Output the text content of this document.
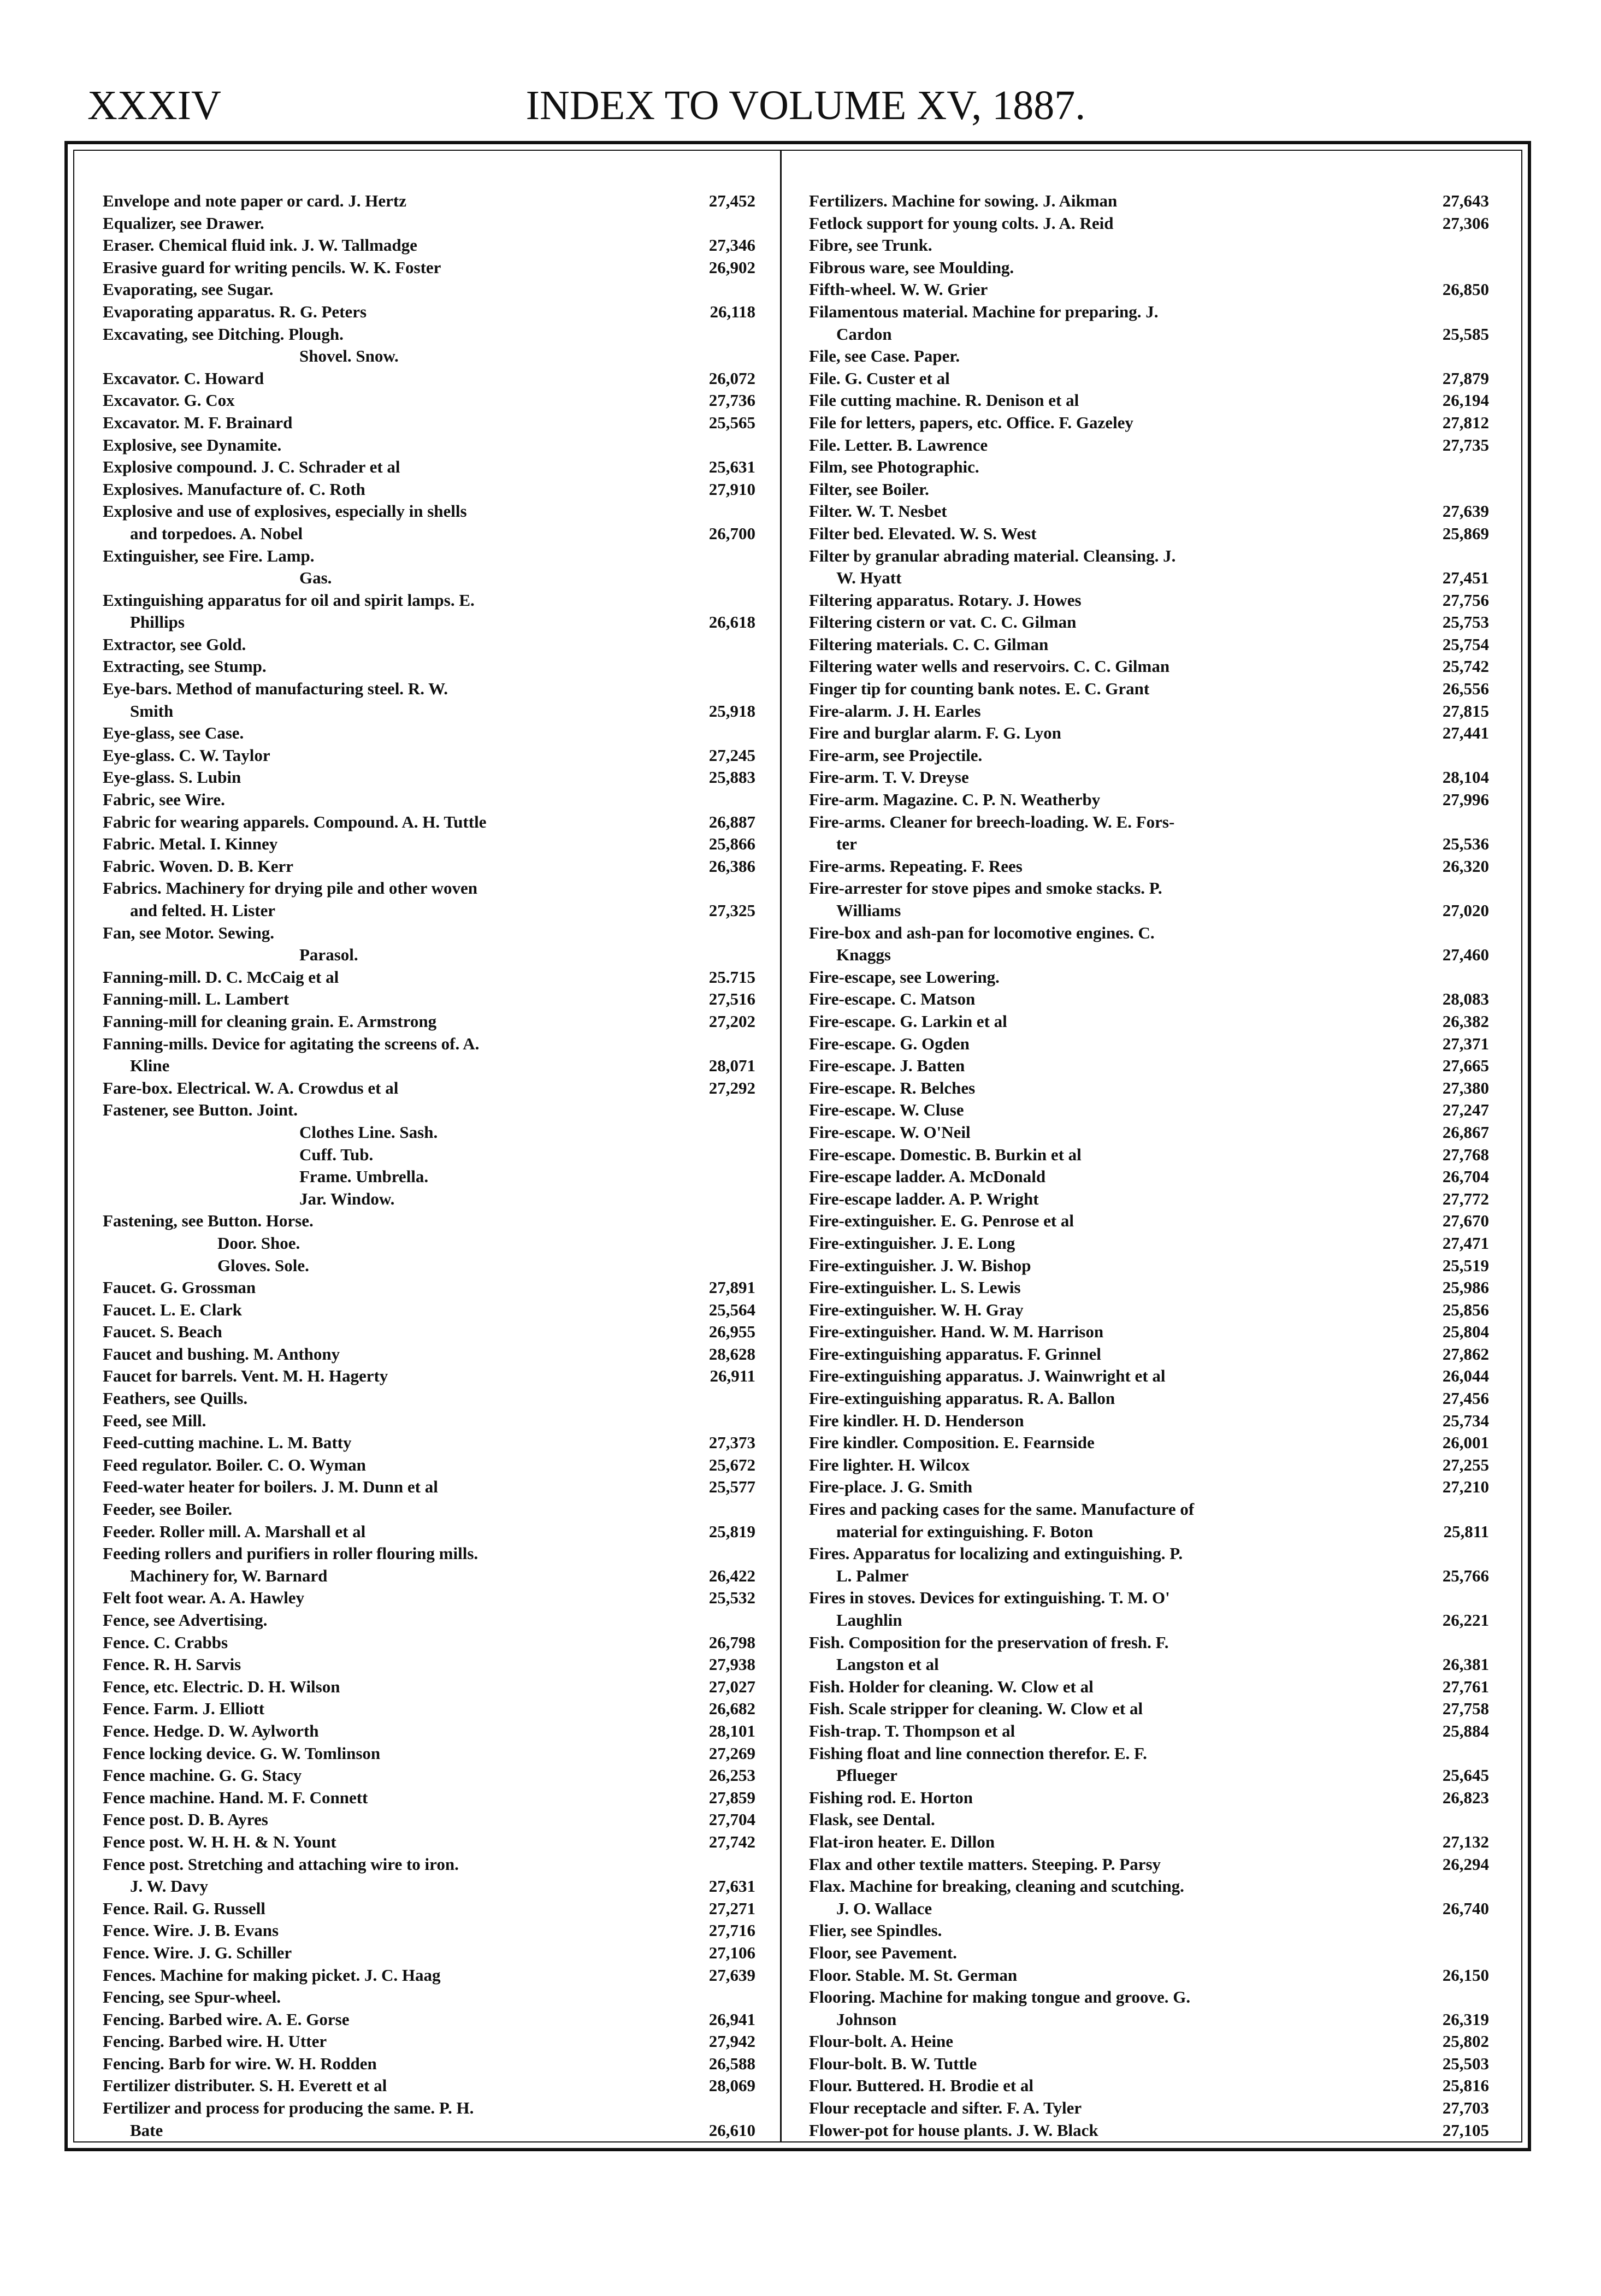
XXXIV	INDEX TO VOLUME XV, 1887.
Envelope and note paper or card. J. Hertz	27,452
Equalizer, see Drawer.
Eraser. Chemical fluid ink. J. W. Tallmadge	27,346
Erasive guard for writing pencils. W. K. Foster	26,902
Evaporating, see Sugar.
Evaporating apparatus. R. G. Peters	26,118
Excavating, see Ditching. Plough.
Shovel. Snow.
Excavator. C. Howard	26,072
Excavator. G. Cox	27,736
Excavator. M. F. Brainard	25,565
Explosive, see Dynamite.
Explosive compound. J. C. Schrader et al	25,631
Explosives. Manufacture of. C. Roth	27,910
Explosive and use of explosives, especially in shells
and torpedoes. A. Nobel	26,700
Extinguisher, see Fire. Lamp.
Gas.
Extinguishing apparatus for oil and spirit lamps. E.
Phillips	26,618
Extractor, see Gold.
Extracting, see Stump.
Eye-bars. Method of manufacturing steel. R. W.
Smith	25,918
Eye-glass, see Case.
Eye-glass. C. W. Taylor	27,245
Eye-glass. S. Lubin	25,883
Fabric, see Wire.
Fabric for wearing apparels. Compound. A. H. Tuttle	26,887
Fabric. Metal. I. Kinney	25,866
Fabric. Woven. D. B. Kerr	26,386
Fabrics. Machinery for drying pile and other woven
and felted. H. Lister	27,325
Fan, see Motor. Sewing.
Parasol.
Fanning-mill. D. C. McCaig et al	25.715
Fanning-mill. L. Lambert	27,516
Fanning-mill for cleaning grain. E. Armstrong	27,202
Fanning-mills. Device for agitating the screens of. A.
Kline	28,071
Fare-box. Electrical. W. A. Crowdus et al	27,292
Fastener, see Button. Joint.
Clothes Line. Sash.
Cuff. Tub.
Frame. Umbrella.
Jar. Window.
Fastening, see Button. Horse.
Door. Shoe.
Gloves. Sole.
Faucet. G. Grossman	27,891
Faucet. L. E. Clark	25,564
Faucet. S. Beach	26,955
Faucet and bushing. M. Anthony	28,628
Faucet for barrels. Vent. M. H. Hagerty	26,911
Feathers, see Quills.
Feed, see Mill.
Feed-cutting machine. L. M. Batty	27,373
Feed regulator. Boiler. C. O. Wyman	25,672
Feed-water heater for boilers. J. M. Dunn et al	25,577
Feeder, see Boiler.
Feeder. Roller mill. A. Marshall et al	25,819
Feeding rollers and purifiers in roller flouring mills.
Machinery for, W. Barnard	26,422
Felt foot wear. A. A. Hawley	25,532
Fence, see Advertising.
Fence. C. Crabbs	26,798
Fence. R. H. Sarvis	27,938
Fence, etc. Electric. D. H. Wilson	27,027
Fence. Farm. J. Elliott	26,682
Fence. Hedge. D. W. Aylworth	28,101
Fence locking device. G. W. Tomlinson	27,269
Fence machine. G. G. Stacy	26,253
Fence machine. Hand. M. F. Connett	27,859
Fence post. D. B. Ayres	27,704
Fence post. W. H. H. & N. Yount	27,742
Fence post. Stretching and attaching wire to iron.
J. W. Davy	27,631
Fence. Rail. G. Russell	27,271
Fence. Wire. J. B. Evans	27,716
Fence. Wire. J. G. Schiller	27,106
Fences. Machine for making picket. J. C. Haag	27,639
Fencing, see Spur-wheel.
Fencing. Barbed wire. A. E. Gorse	26,941
Fencing. Barbed wire. H. Utter	27,942
Fencing. Barb for wire. W. H. Rodden	26,588
Fertilizer distributer. S. H. Everett et al	28,069
Fertilizer and process for producing the same. P. H.
Bate	26,610
Fertilizers. Machine for sowing. J. Aikman	27,643
Fetlock support for young colts. J. A. Reid	27,306
Fibre, see Trunk.
Fibrous ware, see Moulding.
Fifth-wheel. W. W. Grier	26,850
Filamentous material. Machine for preparing. J.
Cardon	25,585
File, see Case. Paper.
File. G. Custer et al	27,879
File cutting machine. R. Denison et al	26,194
File for letters, papers, etc. Office. F. Gazeley	27,812
File. Letter. B. Lawrence	27,735
Film, see Photographic.
Filter, see Boiler.
Filter. W. T. Nesbet	27,639
Filter bed. Elevated. W. S. West	25,869
Filter by granular abrading material. Cleansing. J.
W. Hyatt	27,451
Filtering apparatus. Rotary. J. Howes	27,756
Filtering cistern or vat. C. C. Gilman	25,753
Filtering materials. C. C. Gilman	25,754
Filtering water wells and reservoirs. C. C. Gilman	25,742
Finger tip for counting bank notes. E. C. Grant	26,556
Fire-alarm. J. H. Earles	27,815
Fire and burglar alarm. F. G. Lyon	27,441
Fire-arm, see Projectile.
Fire-arm. T. V. Dreyse	28,104
Fire-arm. Magazine. C. P. N. Weatherby	27,996
Fire-arms. Cleaner for breech-loading. W. E. Fors-
ter	25,536
Fire-arms. Repeating. F. Rees	26,320
Fire-arrester for stove pipes and smoke stacks. P.
Williams	27,020
Fire-box and ash-pan for locomotive engines. C.
Knaggs	27,460
Fire-escape, see Lowering.
Fire-escape. C. Matson	28,083
Fire-escape. G. Larkin et al	26,382
Fire-escape. G. Ogden	27,371
Fire-escape. J. Batten	27,665
Fire-escape. R. Belches	27,380
Fire-escape. W. Cluse	27,247
Fire-escape. W. O'Neil	26,867
Fire-escape. Domestic. B. Burkin et al	27,768
Fire-escape ladder. A. McDonald	26,704
Fire-escape ladder. A. P. Wright	27,772
Fire-extinguisher. E. G. Penrose et al	27,670
Fire-extinguisher. J. E. Long	27,471
Fire-extinguisher. J. W. Bishop	25,519
Fire-extinguisher. L. S. Lewis	25,986
Fire-extinguisher. W. H. Gray	25,856
Fire-extinguisher. Hand. W. M. Harrison	25,804
Fire-extinguishing apparatus. F. Grinnel	27,862
Fire-extinguishing apparatus. J. Wainwright et al	26,044
Fire-extinguishing apparatus. R. A. Ballon	27,456
Fire kindler. H. D. Henderson	25,734
Fire kindler. Composition. E. Fearnside	26,001
Fire lighter. H. Wilcox	27,255
Fire-place. J. G. Smith	27,210
Fires and packing cases for the same. Manufacture of
material for extinguishing. F. Boton	25,811
Fires. Apparatus for localizing and extinguishing. P.
L. Palmer	25,766
Fires in stoves. Devices for extinguishing. T. M. O'
Laughlin	26,221
Fish. Composition for the preservation of fresh. F.
Langston et al	26,381
Fish. Holder for cleaning. W. Clow et al	27,761
Fish. Scale stripper for cleaning. W. Clow et al	27,758
Fish-trap. T. Thompson et al	25,884
Fishing float and line connection therefor. E. F.
Pflueger	25,645
Fishing rod. E. Horton	26,823
Flask, see Dental.
Flat-iron heater. E. Dillon	27,132
Flax and other textile matters. Steeping. P. Parsy	26,294
Flax. Machine for breaking, cleaning and scutching.
J. O. Wallace	26,740
Flier, see Spindles.
Floor, see Pavement.
Floor. Stable. M. St. German	26,150
Flooring. Machine for making tongue and groove. G.
Johnson	26,319
Flour-bolt. A. Heine	25,802
Flour-bolt. B. W. Tuttle	25,503
Flour. Buttered. H. Brodie et al	25,816
Flour receptacle and sifter. F. A. Tyler	27,703
Flower-pot for house plants. J. W. Black	27,105
